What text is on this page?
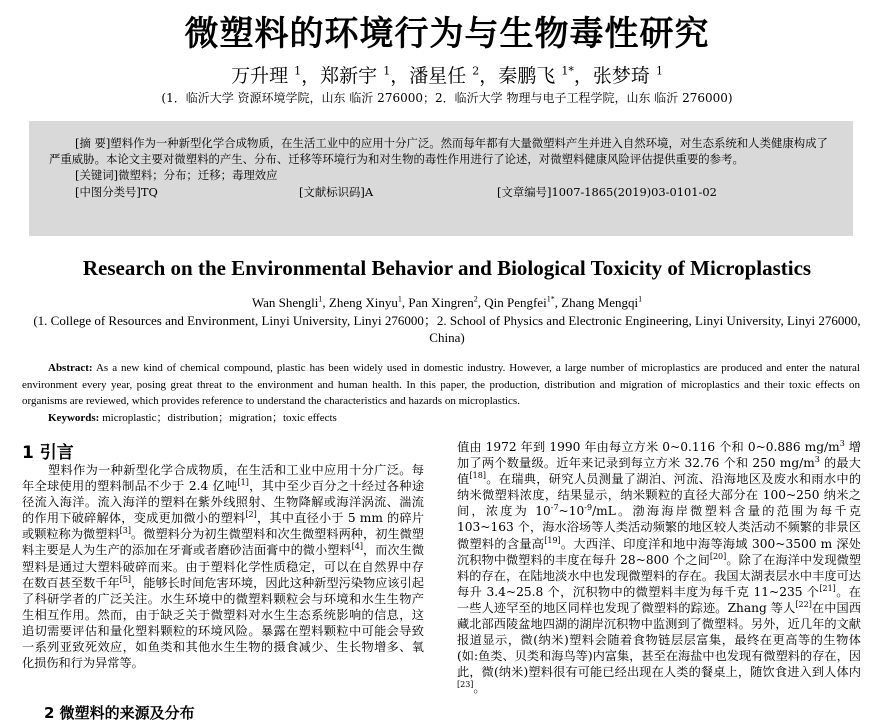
微塑料的环境行为与生物毒性研究
万升理 $^1$，郑新宇 $^1$，潘星任 $^2$，秦鹏飞 $^{1*}$，张梦琦 $^1$
(1．临沂大学 资源环境学院，山东 临沂 276000；2．临沂大学 物理与电子工程学院，山东 临沂 276000)

[摘 要]塑料作为一种新型化学合成物质，在生活工业中的应用十分广泛。然而每年都有大量微塑料产生并进入自然环境，对生态系统和人类健康构成了严重威胁。本论文主要对微塑料的产生、分布、迁移等环境行为和对生物的毒性作用进行了论述，对微塑料健康风险评估提供重要的参考。

[关键词]微塑料；分布；迁移；毒理效应

[中图分类号]TQ	[文献标识码]A	[文章编号]1007-1865(2019)03-0101-02
Research on the Environmental Behavior and Biological Toxicity of Microplastics
Wan Shengli$^1$, Zheng Xinyu$^1$, Pan Xingren$^2$, Qin Pengfei$^{1*}$, Zhang Mengqi$^1$
(1. College of Resources and Environment, Linyi University, Linyi 276000；2. School of Physics and Electronic Engineering, Linyi University, Linyi 276000, China)

Abstract: As a new kind of chemical compound, plastic has been widely used in domestic industry. However, a large number of microplastics are produced and enter the natural environment every year, posing great threat to the environment and human health. In this paper, the production, distribution and migration of microplastics and their toxic effects on organisms are reviewed, which provides reference to understand the characteristics and hazards on microplastics.

Keywords: microplastic；distribution；migration；toxic effects

1 引言

塑料作为一种新型化学合成物质，在生活和工业中应用十分广泛。每年全球使用的塑料制品不少于 2.4 亿吨[1]，其中至少百分之十经过各种途径流入海洋。流入海洋的塑料在紫外线照射、生物降解或海洋涡流、湍流的作用下破碎解体，变成更加微小的塑料[2]，其中直径小于 5 mm 的碎片或颗粒称为微塑料[3]。微塑料分为初生微塑料和次生微塑料两种，初生微塑料主要是人为生产的添加在牙膏或者磨砂洁面膏中的微小塑料[4]，而次生微塑料是通过大塑料破碎而来。由于塑料化学性质稳定，可以在自然界中存在数百甚至数千年[5]，能够长时间危害环境，因此这种新型污染物应该引起了科研学者的广泛关注。水生环境中的微塑料颗粒会与环境和水生生物产生相互作用。然而，由于缺乏关于微塑料对水生生态系统影响的信息，这追切需要评估和量化塑料颗粒的环境风险。暴露在塑料颗粒中可能会导致一系列亚致死效应，如鱼类和其他水生生物的摄食减少、生长物增多、氧化损伤和行为异常等。

2 微塑料的来源及分布

值由 1972 年到 1990 年由每立方米 0~0.116 个和 0~0.886 $mg/m^3$ 增加了两个数量级。近年来记录到每立方米 32.76 个和 250 $mg/m^3$ 的最大值[18]。在瑞典，研究人员测量了湖泊、河流、沿海地区及废水和雨水中的纳米微塑料浓度，结果显示，纳米颗粒的直径大部分在 100~250 纳米之间，浓度为 $10^{-7}\sim 10^{-9}/mL$。渤海海岸微塑料含量的范围为每千克 103~163 个，海水浴场等人类活动频繁的地区较人类活动不频繁的非景区微塑料的含量高[19]。大西洋、印度洋和地中海等海域 300~3500 m 深处沉积物中微塑料的丰度在每升 28~800 个之间[20]。除了在海洋中发现微塑料的存在，在陆地淡水中也发现微塑料的存在。我国太湖表层水中丰度可达每升 3.4~25.8 个，沉积物中的微塑料丰度为每千克 11~235 个[21]。在一些人迹罕至的地区同样也发现了微塑料的踪迹。Zhang 等人[22]在中国西藏北部西陵盆地四湖的湖岸沉积物中监测到了微塑料。另外，近几年的文献报道显示，微(纳米)塑料会随着食物链层层富集，最终在更高等的生物体(如:鱼类、贝类和海鸟等)内富集，甚至在海盐中也发现有微塑料的存在，因此，微(纳米)塑料很有可能已经出现在人类的餐桌上，随饮食进入到人体内[23]。
